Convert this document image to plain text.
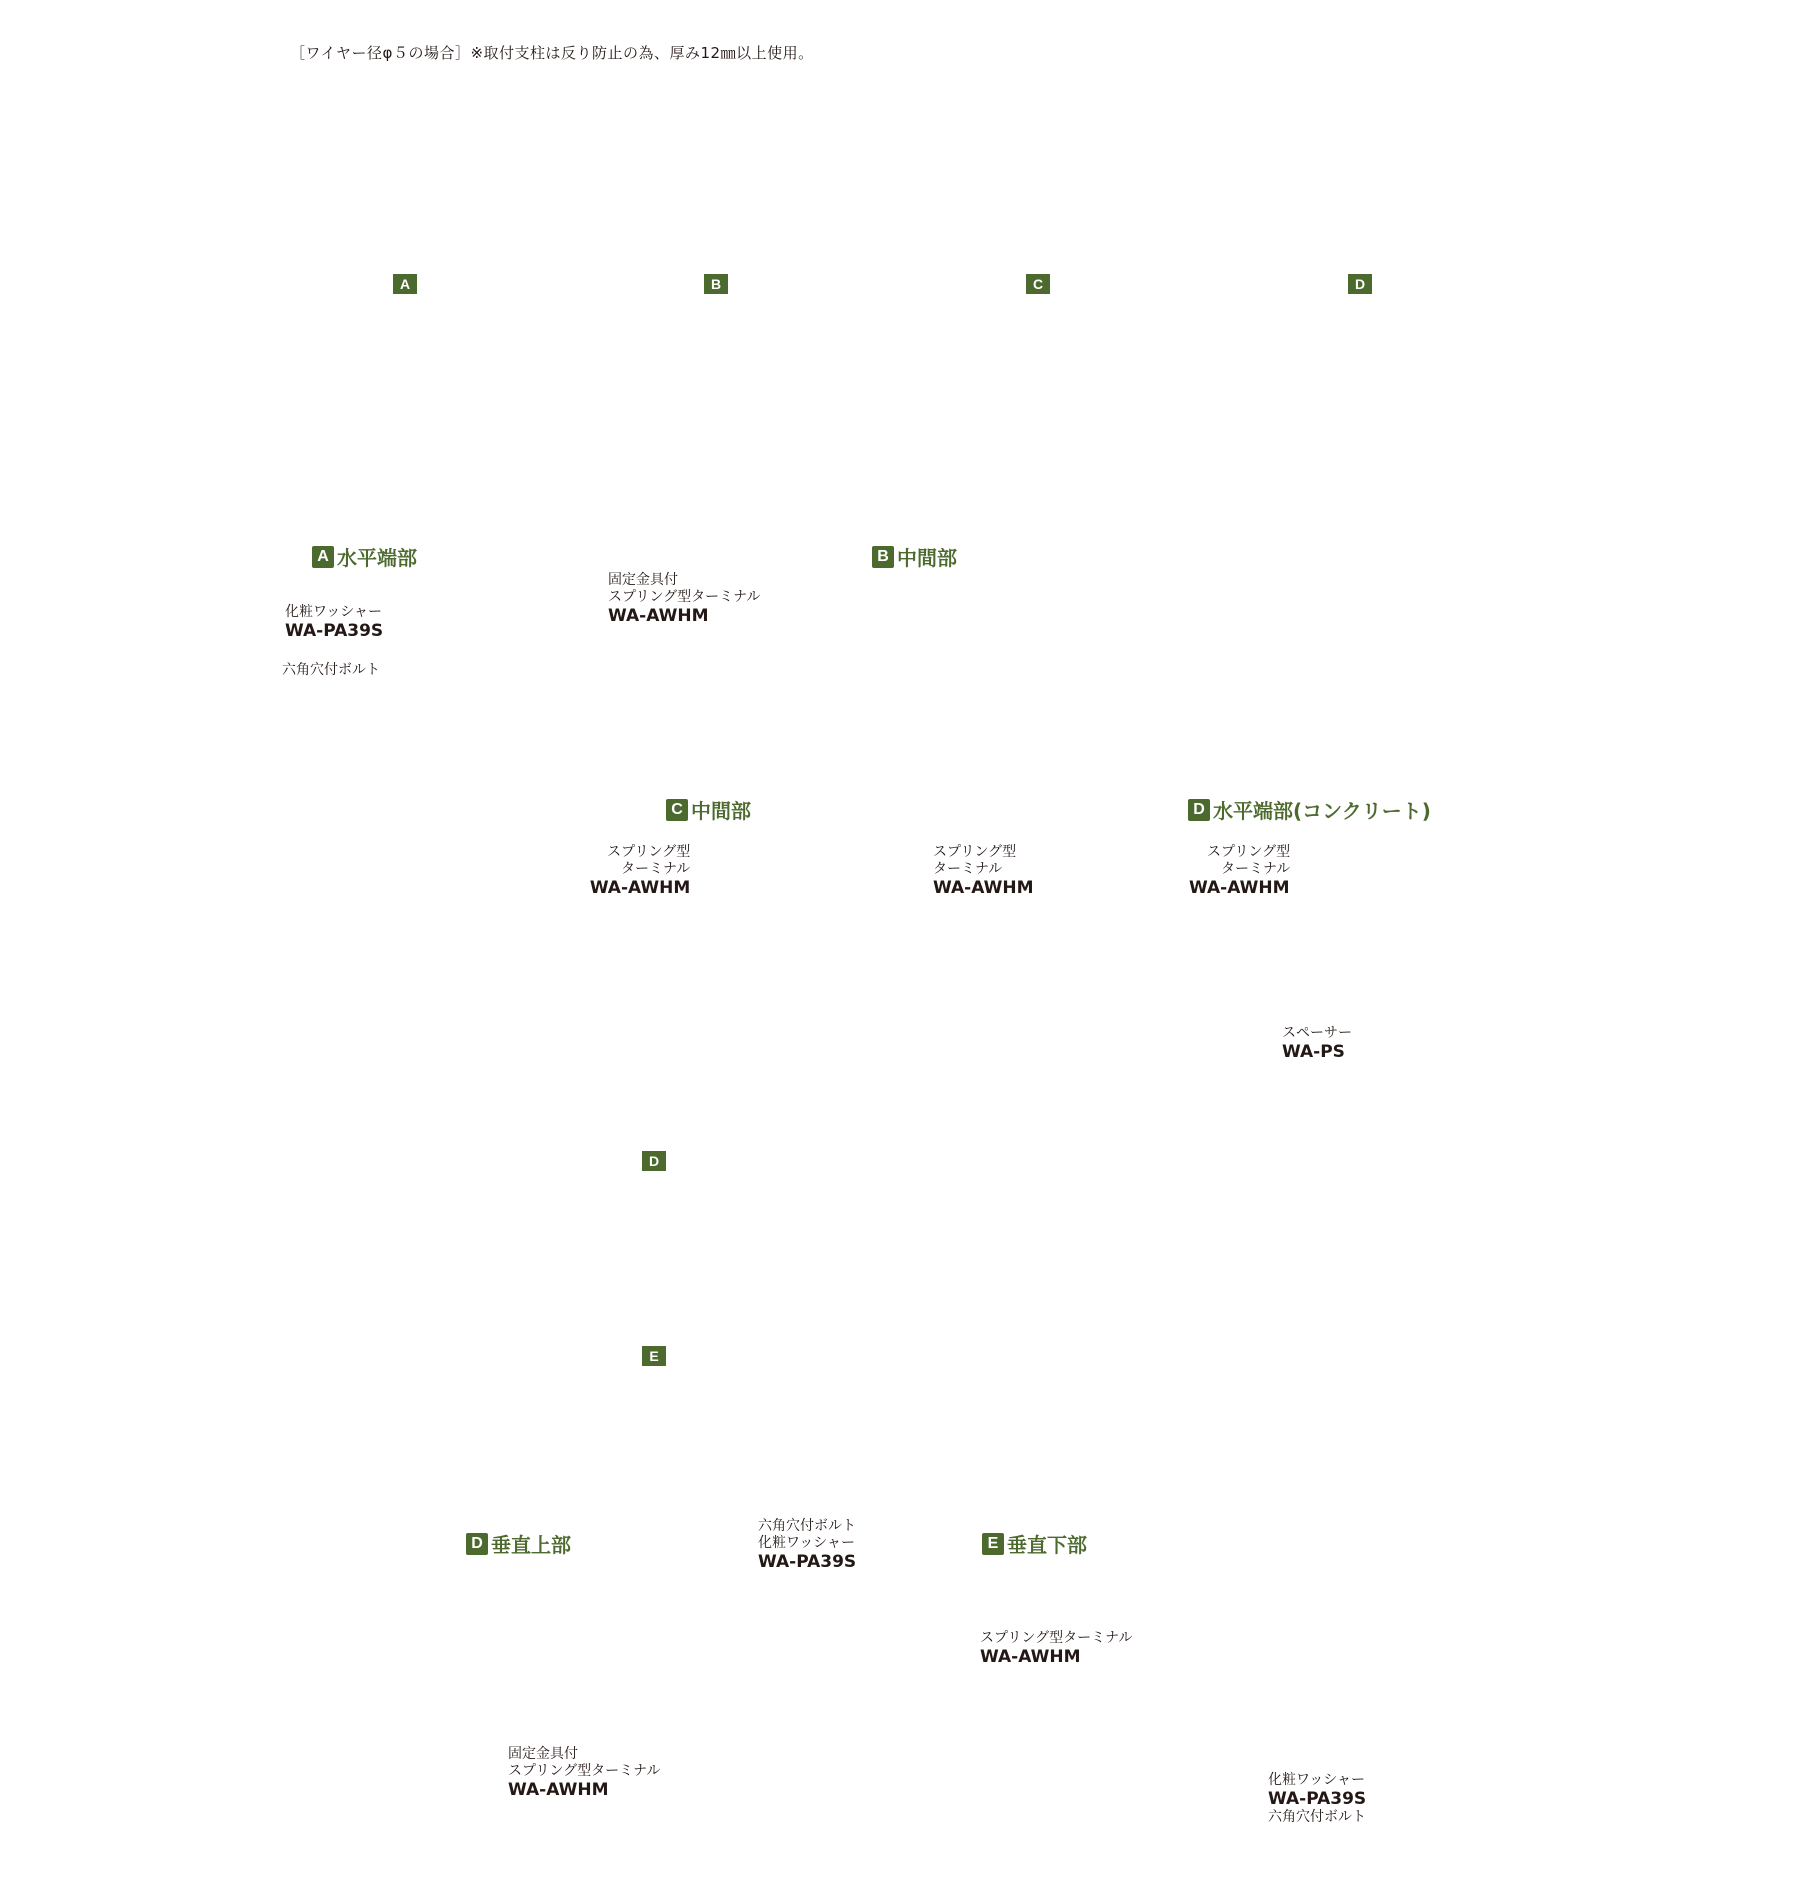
［ワイヤー径φ５の場合］※取付支柱は反り防止の為、厚み12㎜以上使用。
A	B	C	D
D
E
A 水平端部	B 中間部
C 中間部	D 水平端部(コンクリート)
D 垂直上部	E 垂直下部
化粧ワッシャー
WA-PA39S
六角穴付ボルト
固定金具付
スプリング型ターミナル
WA-AWHM
スプリング型
ターミナル
WA-AWHM
スプリング型
ターミナル
WA-AWHM
スプリング型
ターミナル
WA-AWHM
スペーサー
WA-PS
六角穴付ボルト
化粧ワッシャー
WA-PA39S
固定金具付
スプリング型ターミナル
WA-AWHM
スプリング型ターミナル
WA-AWHM
化粧ワッシャー
WA-PA39S
六角穴付ボルト
